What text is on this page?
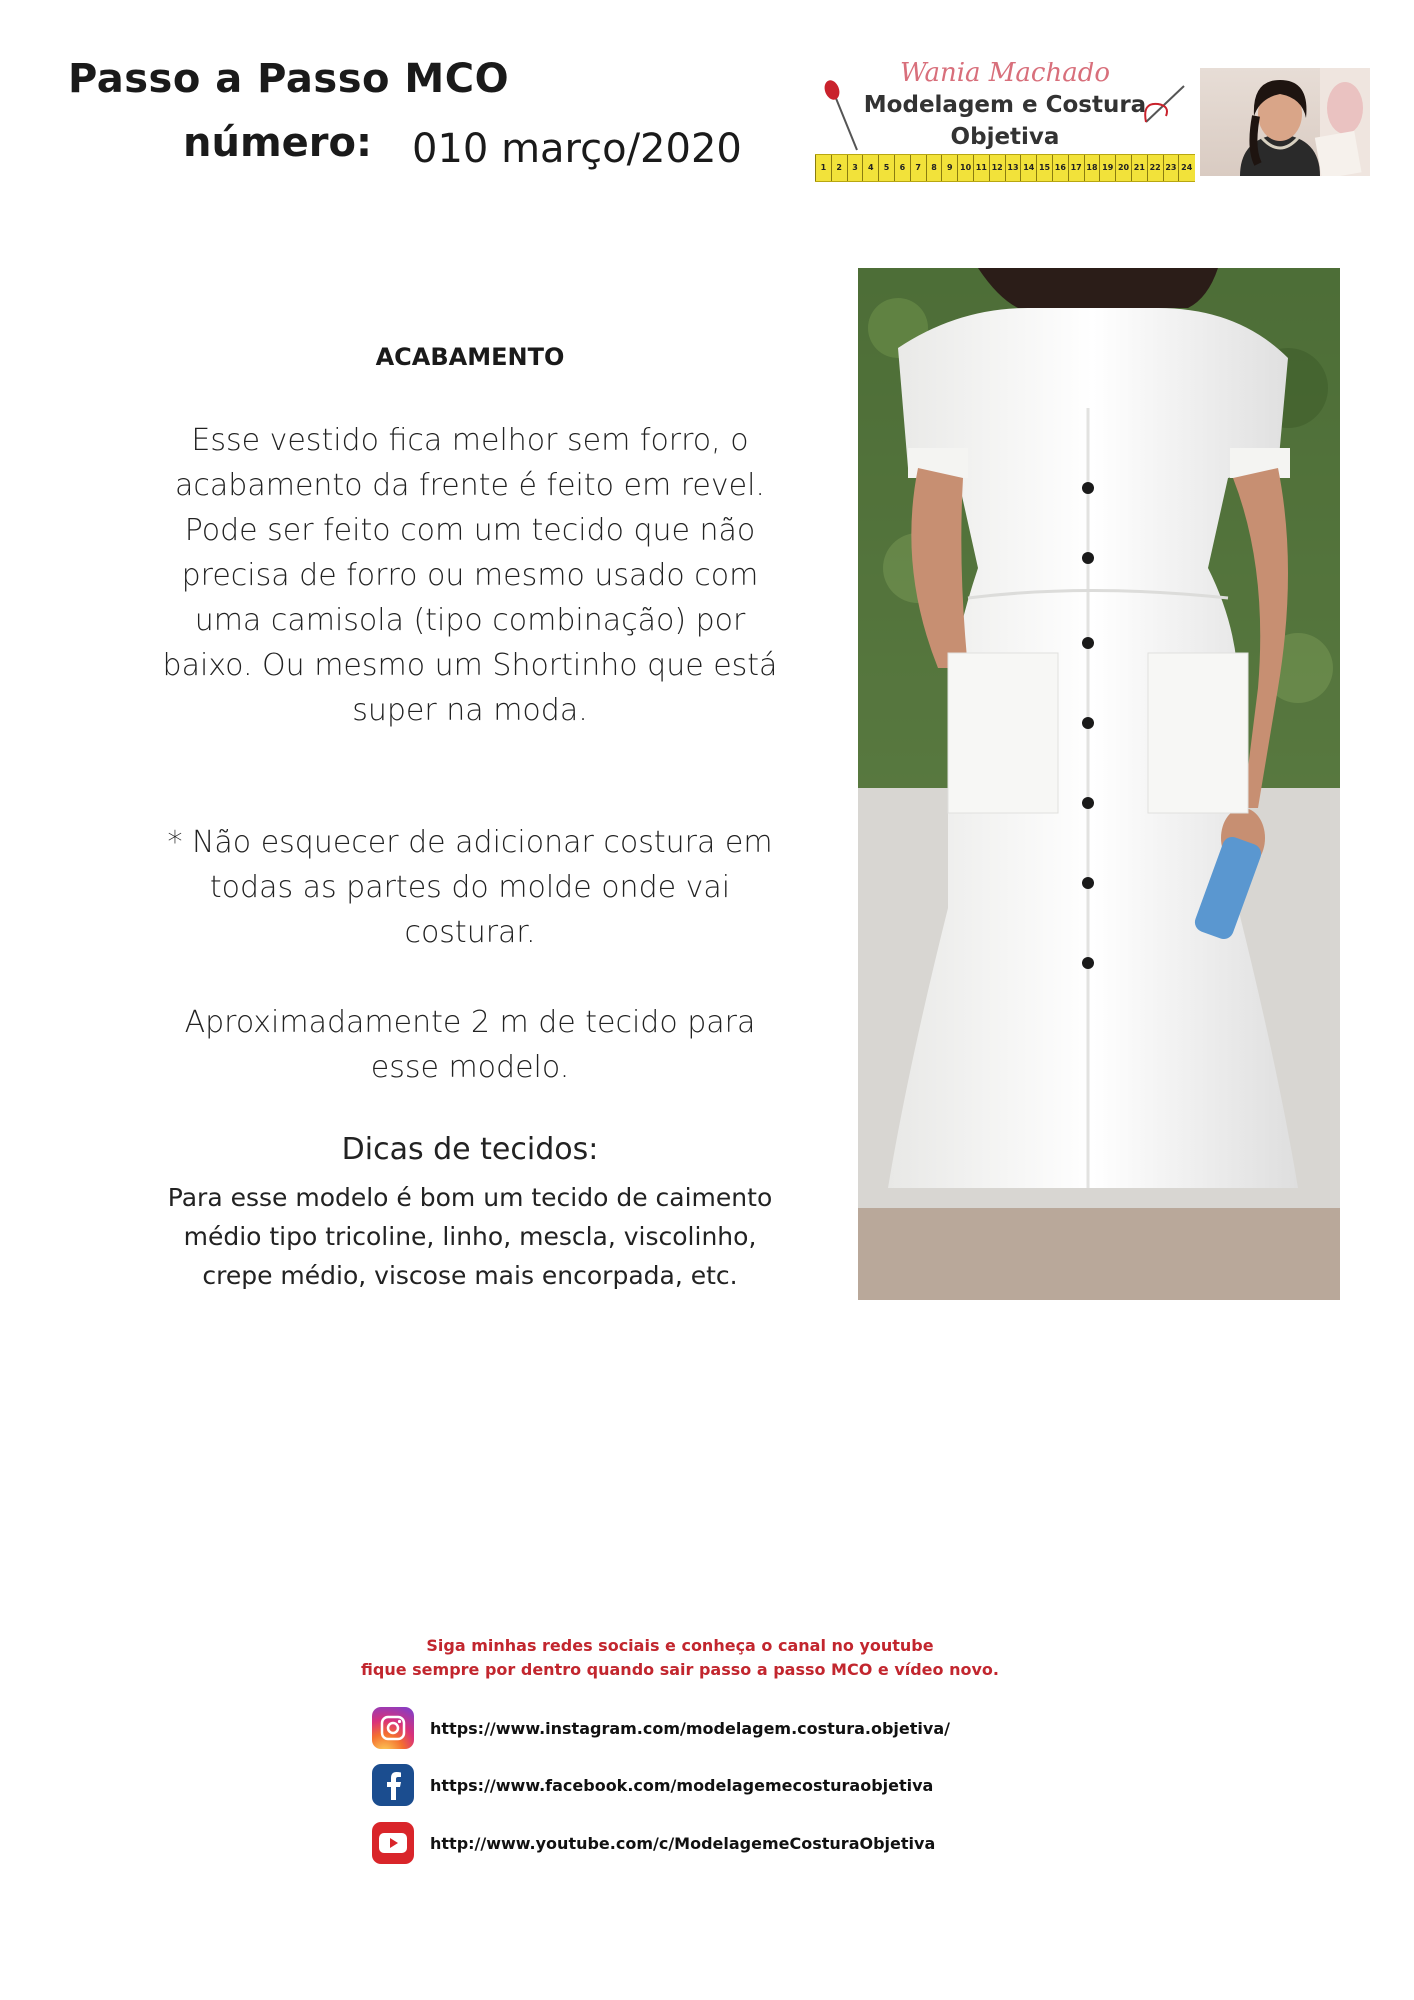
Passo a Passo MCO
número: 010 março/2020
Wania Machado
Modelagem e Costura
Objetiva
1 2 3 4 5 6 7 8 9 10 11 12 13 14 15 16 17 18 19 20 21 22 23 24
ACABAMENTO
Esse vestido fica melhor sem forro, o acabamento da frente é feito em revel. Pode ser feito com um tecido que não precisa de forro ou mesmo usado com uma camisola (tipo combinação) por baixo. Ou mesmo um Shortinho que está super na moda.
* Não esquecer de adicionar costura em todas as partes do molde onde vai costurar.
Aproximadamente 2 m de tecido para esse modelo.
Dicas de tecidos:
Para esse modelo é bom um tecido de caimento médio tipo tricoline, linho, mescla, viscolinho, crepe médio, viscose mais encorpada, etc.
Siga minhas redes sociais e conheça o canal no youtube
fique sempre por dentro quando sair passo a passo MCO e vídeo novo.
https://www.instagram.com/modelagem.costura.objetiva/
https://www.facebook.com/modelagemecosturaobjetiva
http://www.youtube.com/c/ModelagemeCosturaObjetiva
